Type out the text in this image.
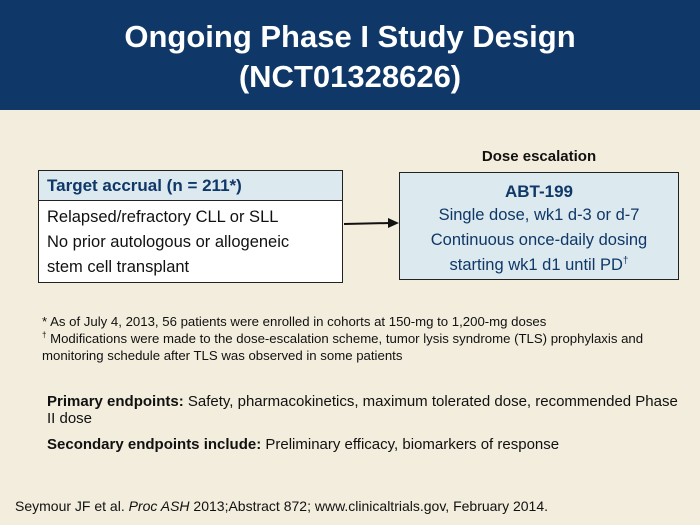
Ongoing Phase I Study Design
(NCT01328626)
Dose escalation
Target accrual (n = 211*)
Relapsed/refractory CLL or SLL
No prior autologous or allogeneic
stem cell transplant
ABT-199
Single dose, wk1 d-3 or d-7
Continuous once-daily dosing
starting wk1 d1 until PD†
* As of July 4, 2013, 56 patients were enrolled in cohorts at 150-mg to 1,200-mg doses
† Modifications were made to the dose-escalation scheme, tumor lysis syndrome (TLS) prophylaxis and monitoring schedule after TLS was observed in some patients
Primary endpoints: Safety, pharmacokinetics, maximum tolerated dose, recommended Phase II dose
Secondary endpoints include: Preliminary efficacy, biomarkers of response
Seymour JF et al. Proc ASH 2013;Abstract 872; www.clinicaltrials.gov, February 2014.
